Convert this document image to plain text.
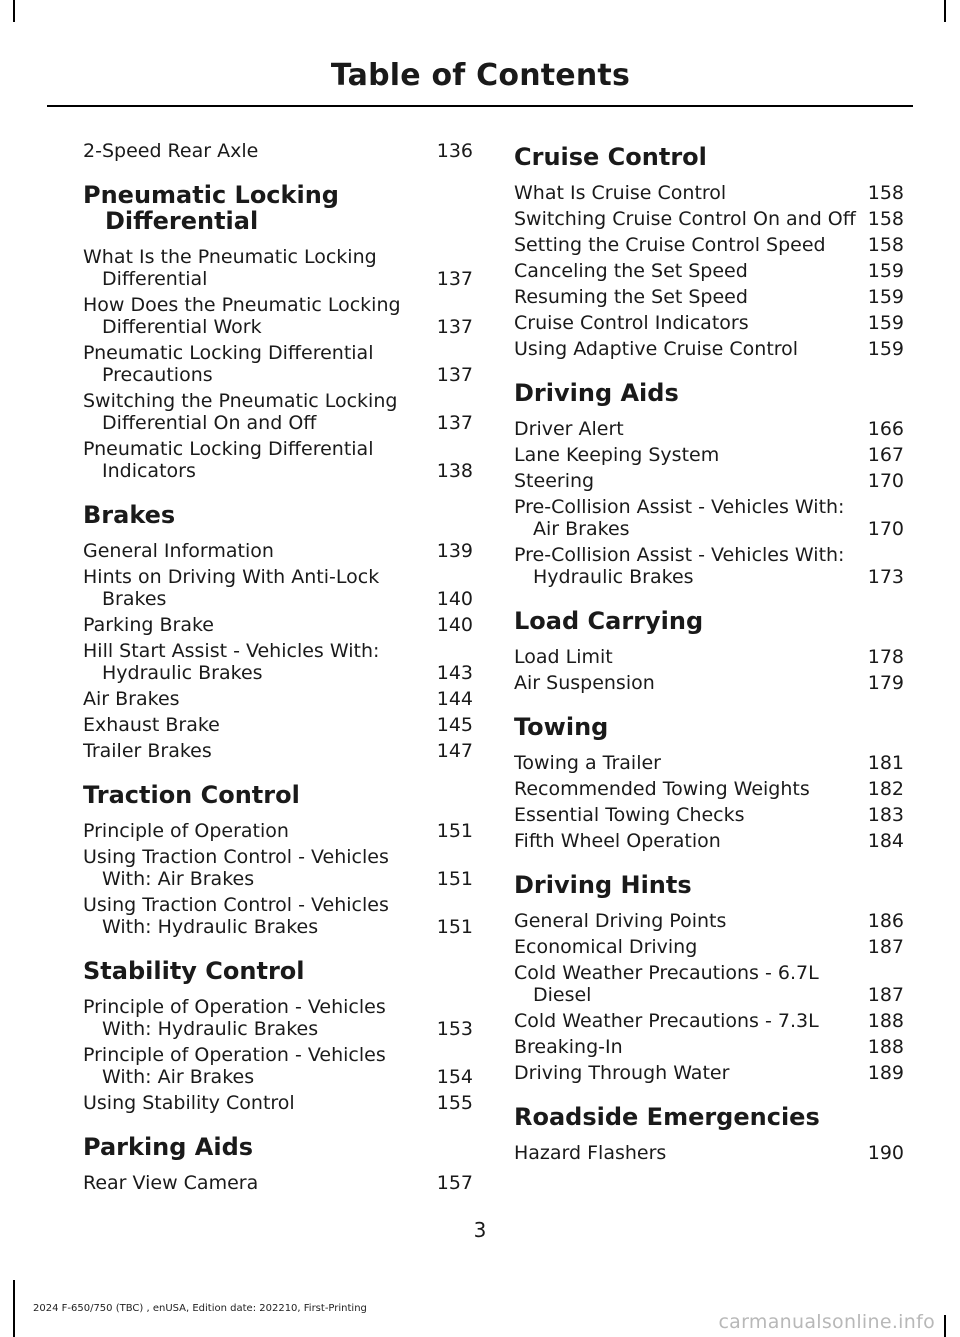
Table of Contents
136
2-Speed Rear Axle
Pneumatic Locking Differential
137
What Is the Pneumatic Locking Differential
137
How Does the Pneumatic Locking Differential Work
137
Pneumatic Locking Differential Precautions
137
Switching the Pneumatic Locking Differential On and Off
138
Pneumatic Locking Differential Indicators
Brakes
139
General Information
140
Hints on Driving With Anti-Lock Brakes
140
Parking Brake
143
Hill Start Assist - Vehicles With: Hydraulic Brakes
144
Air Brakes
145
Exhaust Brake
147
Trailer Brakes
Traction Control
151
Principle of Operation
151
Using Traction Control - Vehicles With: Air Brakes
151
Using Traction Control - Vehicles With: Hydraulic Brakes
Stability Control
153
Principle of Operation - Vehicles With: Hydraulic Brakes
154
Principle of Operation - Vehicles With: Air Brakes
155
Using Stability Control
Parking Aids
157
Rear View Camera
Cruise Control
158
What Is Cruise Control
158
Switching Cruise Control On and Off
158
Setting the Cruise Control Speed
159
Canceling the Set Speed
159
Resuming the Set Speed
159
Cruise Control Indicators
159
Using Adaptive Cruise Control
Driving Aids
166
Driver Alert
167
Lane Keeping System
170
Steering
170
Pre-Collision Assist - Vehicles With: Air Brakes
173
Pre-Collision Assist - Vehicles With: Hydraulic Brakes
Load Carrying
178
Load Limit
179
Air Suspension
Towing
181
Towing a Trailer
182
Recommended Towing Weights
183
Essential Towing Checks
184
Fifth Wheel Operation
Driving Hints
186
General Driving Points
187
Economical Driving
187
Cold Weather Precautions - 6.7L Diesel
188
Cold Weather Precautions - 7.3L
188
Breaking-In
189
Driving Through Water
Roadside Emergencies
190
Hazard Flashers
3
2024 F-650/750 (TBC) , enUSA, Edition date: 202210, First-Printing
carmanualsonline.info
